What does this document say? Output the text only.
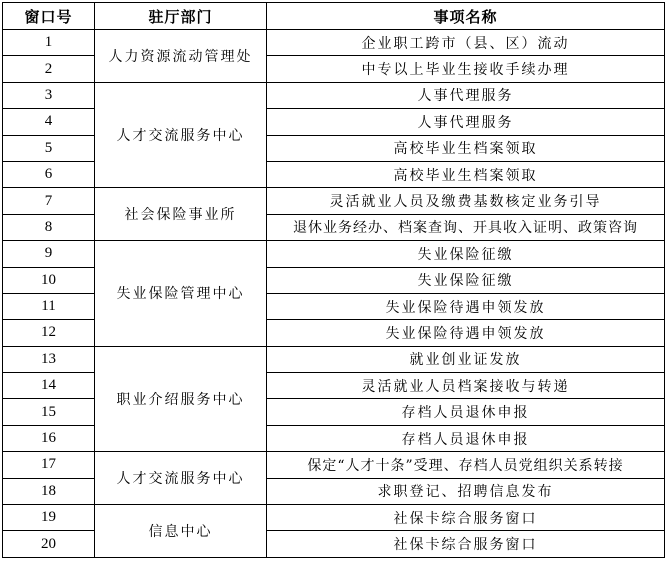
窗口号	驻厅部门	事项名称
1	人力资源流动管理处	企业职工跨市（县、区）流动
2		中专以上毕业生接收手续办理
3	人才交流服务中心	人事代理服务
4		人事代理服务
5		高校毕业生档案领取
6		高校毕业生档案领取
7	社会保险事业所	灵活就业人员及缴费基数核定业务引导
8		退休业务经办、档案查询、开具收入证明、政策咨询
9	失业保险管理中心	失业保险征缴
10		失业保险征缴
11		失业保险待遇申领发放
12		失业保险待遇申领发放
13	职业介绍服务中心	就业创业证发放
14		灵活就业人员档案接收与转递
15		存档人员退休申报
16		存档人员退休申报
17	人才交流服务中心	保定“人才十条”受理、存档人员党组织关系转接
18		求职登记、招聘信息发布
19	信息中心	社保卡综合服务窗口
20		社保卡综合服务窗口
